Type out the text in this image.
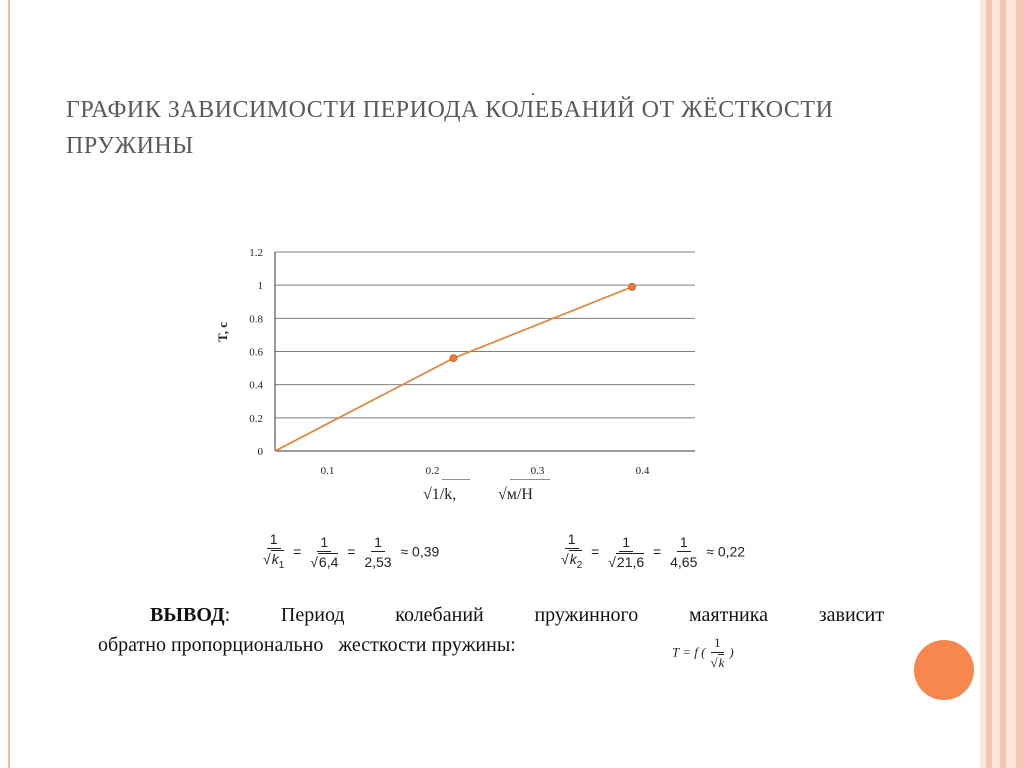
.
ГРАФИК ЗАВИСИМОСТИ ПЕРИОДА КОЛЕБАНИЙ ОТ ЖЁСТКОСТИ ПРУЖИНЫ
0
0.2
0.4
0.6
0.8
1
1.2
0.1	0.2	0.3	0.4
T, c
√1/k,	√м/Н
$\frac{1}{√k_1} = \frac{1}{√6,4} = \frac{1}{2,53} \approx 0,39$	$\frac{1}{√k_2} = \frac{1}{√21,6} = \frac{1}{4,65} \approx 0,22$
ВЫВОД:	Период	колебаний	пружинного	маятника	зависит
обратно пропорционально   жесткости пружины:	T = f ( $\frac{1}{√k}$ )
